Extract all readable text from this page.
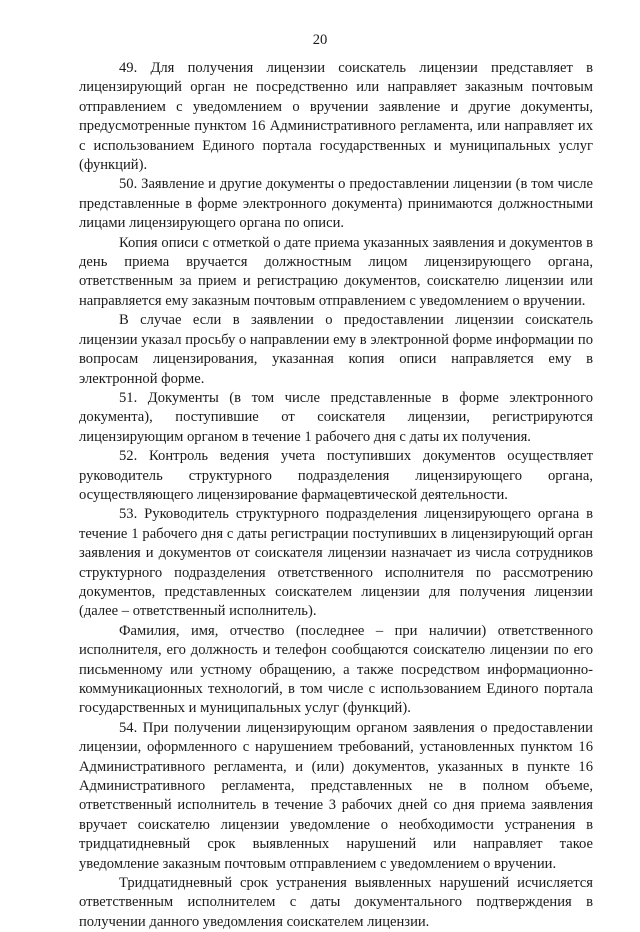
20

49. Для получения лицензии соискатель лицензии представляет в лицензирующий орган не посредственно или направляет заказным почтовым отправлением с уведомлением о вручении заявление и другие документы, предусмотренные пунктом 16 Административного регламента, или направляет их с использованием Единого портала государственных и муниципальных услуг (функций).

50. Заявление и другие документы о предоставлении лицензии (в том числе представленные в форме электронного документа) принимаются должностными лицами лицензирующего органа по описи.

Копия описи с отметкой о дате приема указанных заявления и документов в день приема вручается должностным лицом лицензирующего органа, ответственным за прием и регистрацию документов, соискателю лицензии или направляется ему заказным почтовым отправлением с уведомлением о вручении.

В случае если в заявлении о предоставлении лицензии соискатель лицензии указал просьбу о направлении ему в электронной форме информации по вопросам лицензирования, указанная копия описи направляется ему в электронной форме.

51. Документы (в том числе представленные в форме электронного документа), поступившие от соискателя лицензии, регистрируются лицензирующим органом в течение 1 рабочего дня с даты их получения.

52. Контроль ведения учета поступивших документов осуществляет руководитель структурного подразделения лицензирующего органа, осуществляющего лицензирование фармацевтической деятельности.

53. Руководитель структурного подразделения лицензирующего органа в течение 1 рабочего дня с даты регистрации поступивших в лицензирующий орган заявления и документов от соискателя лицензии назначает из числа сотрудников структурного подразделения ответственного исполнителя по рассмотрению документов, представленных соискателем лицензии для получения лицензии (далее – ответственный исполнитель).

Фамилия, имя, отчество (последнее – при наличии) ответственного исполнителя, его должность и телефон сообщаются соискателю лицензии по его письменному или устному обращению, а также посредством информационно-коммуникационных технологий, в том числе с использованием Единого портала государственных и муниципальных услуг (функций).

54. При получении лицензирующим органом заявления о предоставлении лицензии, оформленного с нарушением требований, установленных пунктом 16 Административного регламента, и (или) документов, указанных в пункте 16 Административного регламента, представленных не в полном объеме, ответственный исполнитель в течение 3 рабочих дней со дня приема заявления вручает соискателю лицензии уведомление о необходимости устранения в тридцатидневный срок выявленных нарушений или направляет такое уведомление заказным почтовым отправлением с уведомлением о вручении.

Тридцатидневный срок устранения выявленных нарушений исчисляется ответственным исполнителем с даты документального подтверждения в получении данного уведомления соискателем лицензии.
